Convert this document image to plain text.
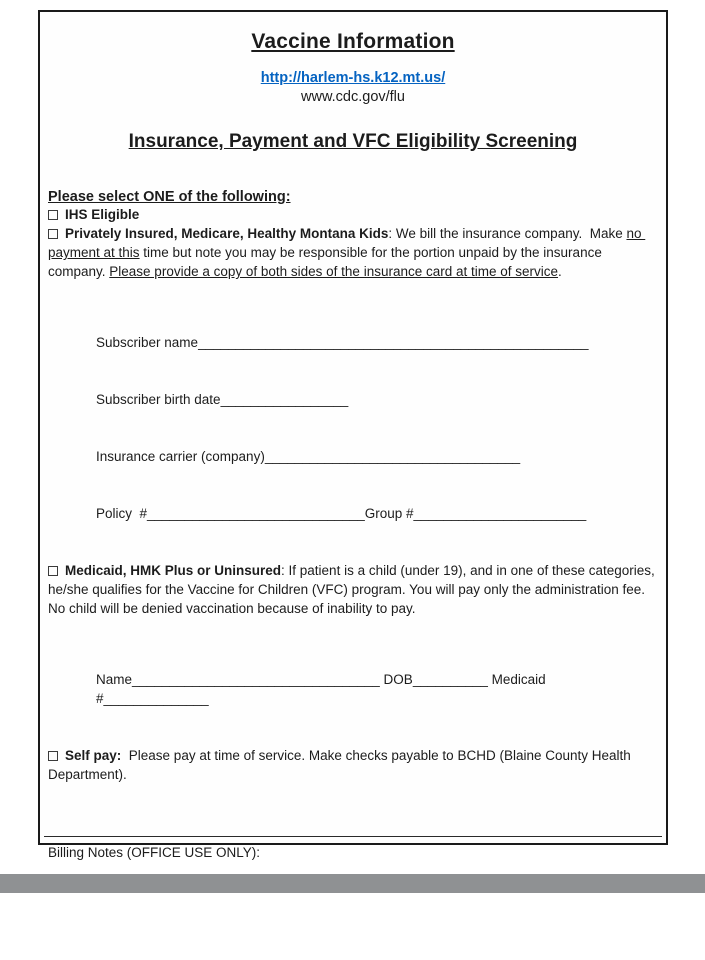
Vaccine Information
http://harlem-hs.k12.mt.us/
www.cdc.gov/flu
Insurance, Payment and VFC Eligibility Screening

Please select ONE of the following:

IHS Eligible

Privately Insured, Medicare, Healthy Montana Kids: We bill the insurance company.  Make no payment at this time but note you may be responsible for the portion unpaid by the insurance company. Please provide a copy of both sides of the insurance card at time of service.

Subscriber name____________________________________________________

Subscriber birth date_________________

Insurance carrier (company)__________________________________

Policy  #_____________________________Group #_______________________

Medicaid, HMK Plus or Uninsured: If patient is a child (under 19), and in one of these categories, he/she qualifies for the Vaccine for Children (VFC) program. You will pay only the administration fee.  No child will be denied vaccination because of inability to pay.

Name_________________________________ DOB__________ Medicaid #______________

Self pay:  Please pay at time of service. Make checks payable to BCHD (Blaine County Health Department).

Billing Notes (OFFICE USE ONLY):
